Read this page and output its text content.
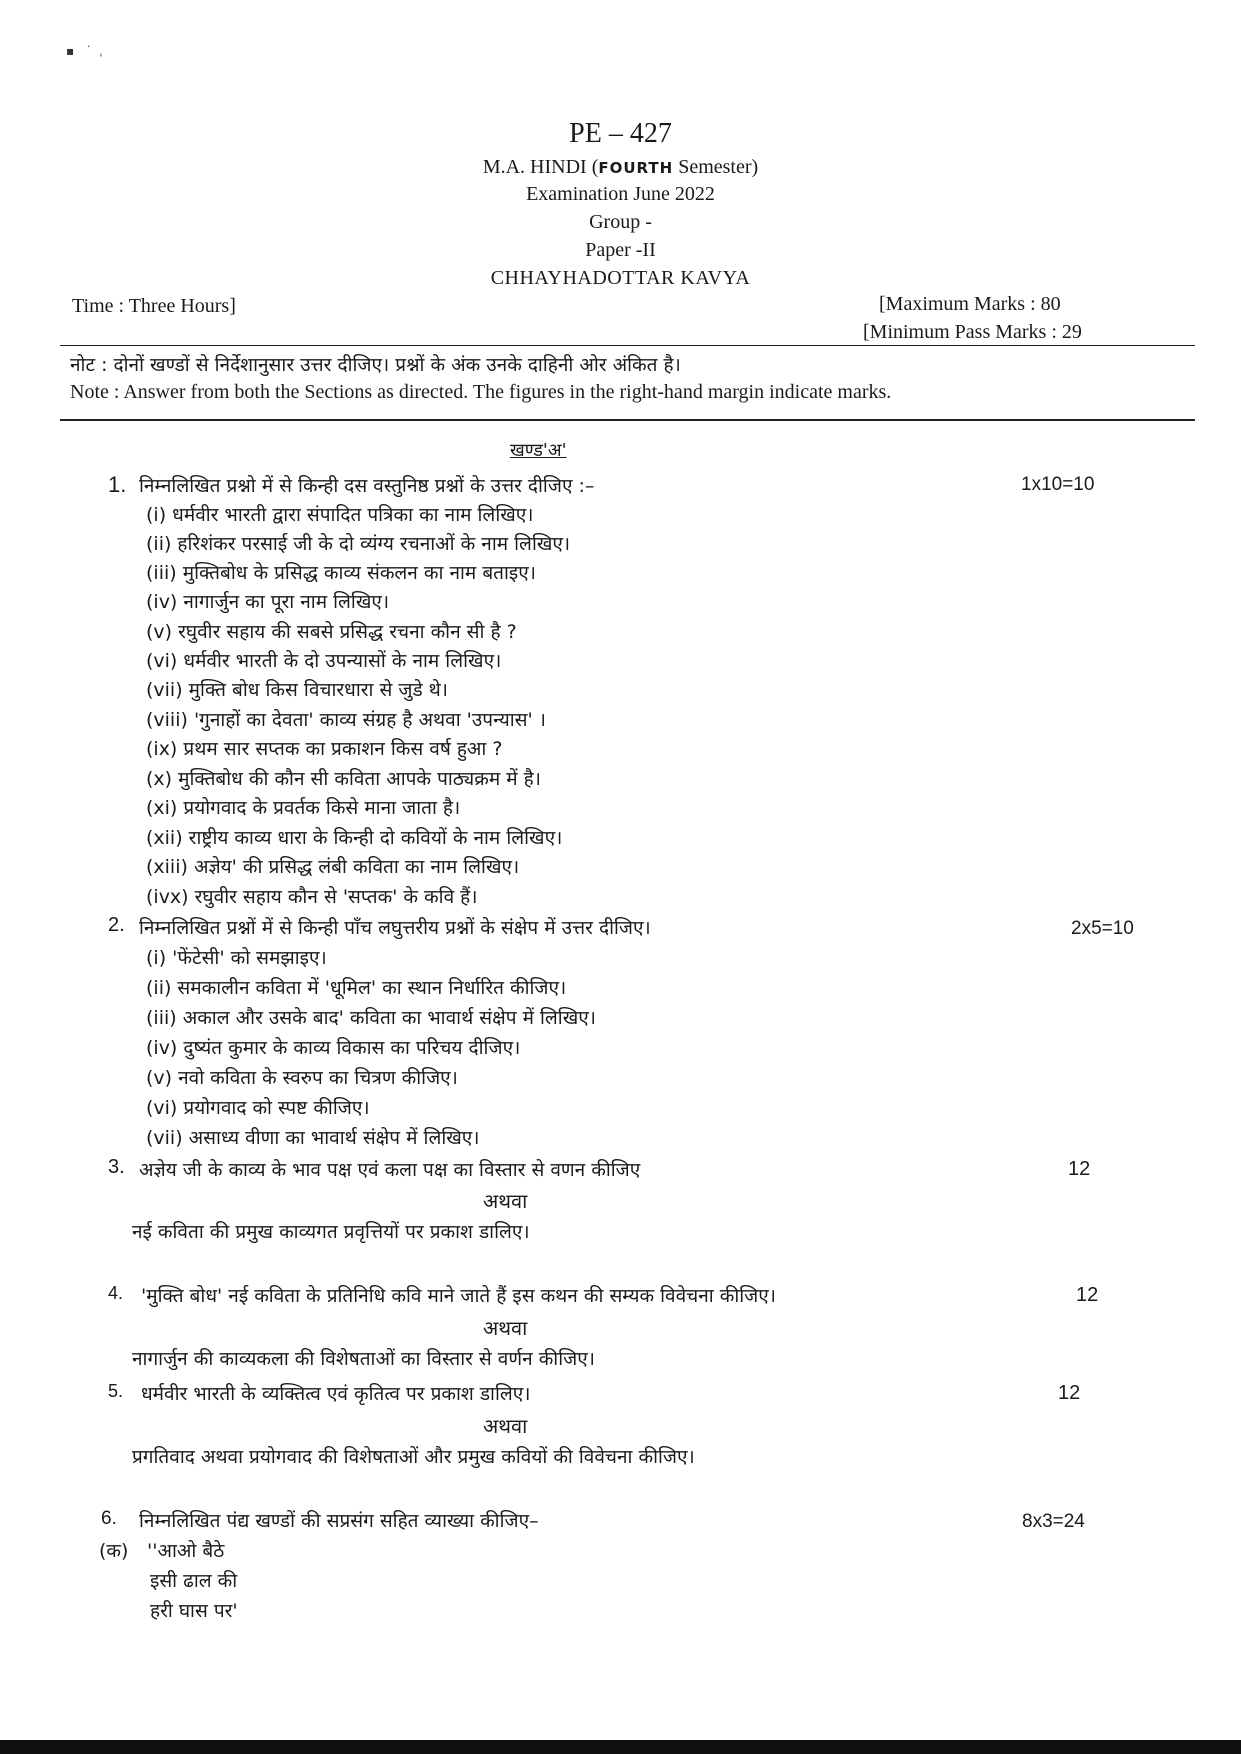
▪   ˙  ˌ
PE – 427
M.A. HINDI (FOURTH Semester)
Examination June 2022
Group -
Paper -II
CHHAYHADOTTAR KAVYA
Time : Three Hours]	[Maximum Marks : 80
[Minimum Pass Marks : 29
नोट : दोनों खण्डों से निर्देशानुसार उत्तर दीजिए। प्रश्नों के अंक उनके दाहिनी ओर अंकित है।
Note : Answer from both the Sections as directed. The figures in the right-hand margin indicate marks.
खण्ड'अ'
1. निम्नलिखित प्रश्नो में से किन्ही दस वस्तुनिष्ठ प्रश्नों के उत्तर दीजिए :–	1x10=10
(i) धर्मवीर भारती द्वारा संपादित पत्रिका का नाम लिखिए।
(ii) हरिशंकर परसाई जी के दो व्यंग्य रचनाओं के नाम लिखिए।
(iii) मुक्तिबोध के प्रसिद्ध काव्य संकलन का नाम बताइए।
(iv) नागार्जुन का पूरा नाम लिखिए।
(v) रघुवीर सहाय की सबसे प्रसिद्ध रचना कौन सी है ?
(vi) धर्मवीर भारती के दो उपन्यासों के नाम लिखिए।
(vii) मुक्ति बोध किस विचारधारा से जुडे थे।
(viii) 'गुनाहों का देवता' काव्य संग्रह है अथवा 'उपन्यास' ।
(ix) प्रथम सार सप्तक का प्रकाशन किस वर्ष हुआ ?
(x) मुक्तिबोध की कौन सी कविता आपके पाठ्यक्रम में है।
(xi) प्रयोगवाद के प्रवर्तक किसे माना जाता है।
(xii) राष्ट्रीय काव्य धारा के किन्ही दो कवियों के नाम लिखिए।
(xiii) अज्ञेय' की प्रसिद्ध लंबी कविता का नाम लिखिए।
(ivx) रघुवीर सहाय कौन से 'सप्तक' के कवि हैं।
2. निम्नलिखित प्रश्नों में से किन्ही पाँच लघुत्तरीय प्रश्नों के संक्षेप में उत्तर दीजिए।	2x5=10
(i) 'फेंटेसी' को समझाइए।
(ii) समकालीन कविता में 'धूमिल' का स्थान निर्धारित कीजिए।
(iii) अकाल और उसके बाद' कविता का भावार्थ संक्षेप में लिखिए।
(iv) दुष्यंत कुमार के काव्य विकास का परिचय दीजिए।
(v) नवो कविता के स्वरुप का चित्रण कीजिए।
(vi) प्रयोगवाद को स्पष्ट कीजिए।
(vii) असाध्य वीणा का भावार्थ संक्षेप में लिखिए।
3. अज्ञेय जी के काव्य के भाव पक्ष एवं कला पक्ष का विस्तार से वणन कीजिए	12
अथवा
नई कविता की प्रमुख काव्यगत प्रवृत्तियों पर प्रकाश डालिए।
4. 'मुक्ति बोध' नई कविता के प्रतिनिधि कवि माने जाते हैं इस कथन की सम्यक विवेचना कीजिए।	12
अथवा
नागार्जुन की काव्यकला की विशेषताओं का विस्तार से वर्णन कीजिए।
5. धर्मवीर भारती के व्यक्तित्व एवं कृतित्व पर प्रकाश डालिए।	12
अथवा
प्रगतिवाद अथवा प्रयोगवाद की विशेषताओं और प्रमुख कवियों की विवेचना कीजिए।
6. निम्नलिखित पंद्य खण्डों की सप्रसंग सहित व्याख्या कीजिए–	8x3=24
(क) ''आओ बैठे
इसी ढाल की
हरी घास पर'
